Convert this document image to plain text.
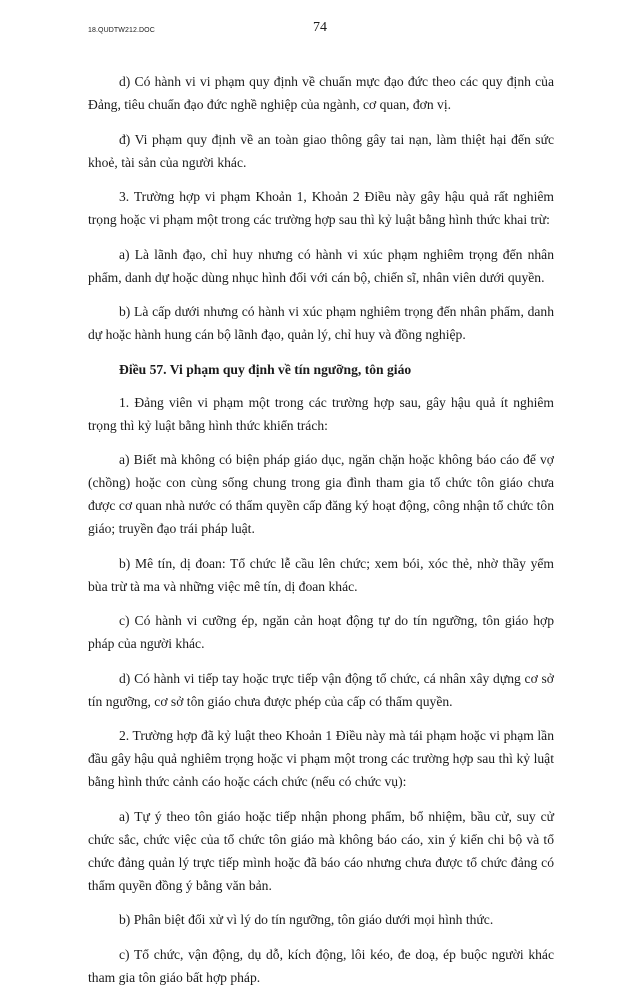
18.QUDTW212.DOC	74

d) Có hành vi vi phạm quy định về chuẩn mực đạo đức theo các quy định của Đảng, tiêu chuẩn đạo đức nghề nghiệp của ngành, cơ quan, đơn vị.

đ) Vi phạm quy định về an toàn giao thông gây tai nạn, làm thiệt hại đến sức khoẻ, tài sản của người khác.

3. Trường hợp vi phạm Khoản 1, Khoản 2 Điều này gây hậu quả rất nghiêm trọng hoặc vi phạm một trong các trường hợp sau thì kỷ luật bằng hình thức khai trừ:

a) Là lãnh đạo, chỉ huy nhưng có hành vi xúc phạm nghiêm trọng đến nhân phẩm, danh dự hoặc dùng nhục hình đối với cán bộ, chiến sĩ, nhân viên dưới quyền.

b) Là cấp dưới nhưng có hành vi xúc phạm nghiêm trọng đến nhân phẩm, danh dự hoặc hành hung cán bộ lãnh đạo, quản lý, chỉ huy và đồng nghiệp.

Điều 57. Vi phạm quy định về tín ngưỡng, tôn giáo

1. Đảng viên vi phạm một trong các trường hợp sau, gây hậu quả ít nghiêm trọng thì kỷ luật bằng hình thức khiển trách:

a) Biết mà không có biện pháp giáo dục, ngăn chặn hoặc không báo cáo để vợ (chồng) hoặc con cùng sống chung trong gia đình tham gia tổ chức tôn giáo chưa được cơ quan nhà nước có thẩm quyền cấp đăng ký hoạt động, công nhận tổ chức tôn giáo; truyền đạo trái pháp luật.

b) Mê tín, dị đoan: Tổ chức lễ cầu lên chức; xem bói, xóc thẻ, nhờ thầy yểm bùa trừ tà ma và những việc mê tín, dị đoan khác.

c) Có hành vi cưỡng ép, ngăn cản hoạt động tự do tín ngưỡng, tôn giáo hợp pháp của người khác.

d) Có hành vi tiếp tay hoặc trực tiếp vận động tổ chức, cá nhân xây dựng cơ sở tín ngưỡng, cơ sở tôn giáo chưa được phép của cấp có thẩm quyền.

2. Trường hợp đã kỷ luật theo Khoản 1 Điều này mà tái phạm hoặc vi phạm lần đầu gây hậu quả nghiêm trọng hoặc vi phạm một trong các trường hợp sau thì kỷ luật bằng hình thức cảnh cáo hoặc cách chức (nếu có chức vụ):

a) Tự ý theo tôn giáo hoặc tiếp nhận phong phẩm, bổ nhiệm, bầu cử, suy cử chức sắc, chức việc của tổ chức tôn giáo mà không báo cáo, xin ý kiến chi bộ và tổ chức đảng quản lý trực tiếp mình hoặc đã báo cáo nhưng chưa được tổ chức đảng có thẩm quyền đồng ý bằng văn bản.

b) Phân biệt đối xử vì lý do tín ngưỡng, tôn giáo dưới mọi hình thức.

c) Tổ chức, vận động, dụ dỗ, kích động, lôi kéo, đe doạ, ép buộc người khác tham gia tôn giáo bất hợp pháp.
